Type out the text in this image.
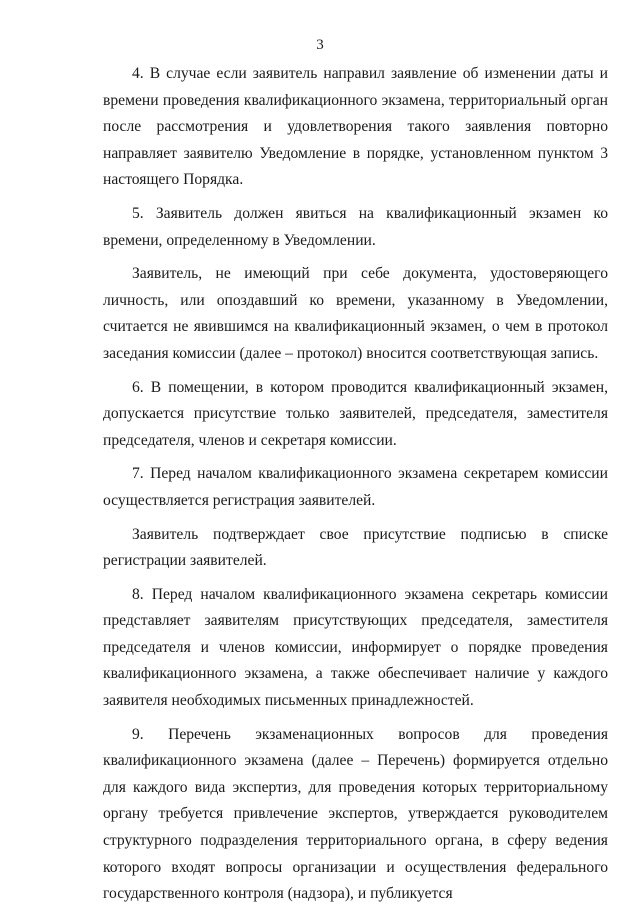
3

4. В случае если заявитель направил заявление об изменении даты и времени проведения квалификационного экзамена, территориальный орган после рассмотрения и удовлетворения такого заявления повторно направляет заявителю Уведомление в порядке, установленном пунктом 3 настоящего Порядка.

5. Заявитель должен явиться на квалификационный экзамен ко времени, определенному в Уведомлении.

Заявитель, не имеющий при себе документа, удостоверяющего личность, или опоздавший ко времени, указанному в Уведомлении, считается не явившимся на квалификационный экзамен, о чем в протокол заседания комиссии (далее – протокол) вносится соответствующая запись.

6. В помещении, в котором проводится квалификационный экзамен, допускается присутствие только заявителей, председателя, заместителя председателя, членов и секретаря комиссии.

7. Перед началом квалификационного экзамена секретарем комиссии осуществляется регистрация заявителей.

Заявитель подтверждает свое присутствие подписью в списке регистрации заявителей.

8. Перед началом квалификационного экзамена секретарь комиссии представляет заявителям присутствующих председателя, заместителя председателя и членов комиссии, информирует о порядке проведения квалификационного экзамена, а также обеспечивает наличие у каждого заявителя необходимых письменных принадлежностей.

9. Перечень экзаменационных вопросов для проведения квалификационного экзамена (далее – Перечень) формируется отдельно для каждого вида экспертиз, для проведения которых территориальному органу требуется привлечение экспертов, утверждается руководителем структурного подразделения территориального органа, в сферу ведения которого входят вопросы организации и осуществления федерального государственного контроля (надзора), и публикуется
